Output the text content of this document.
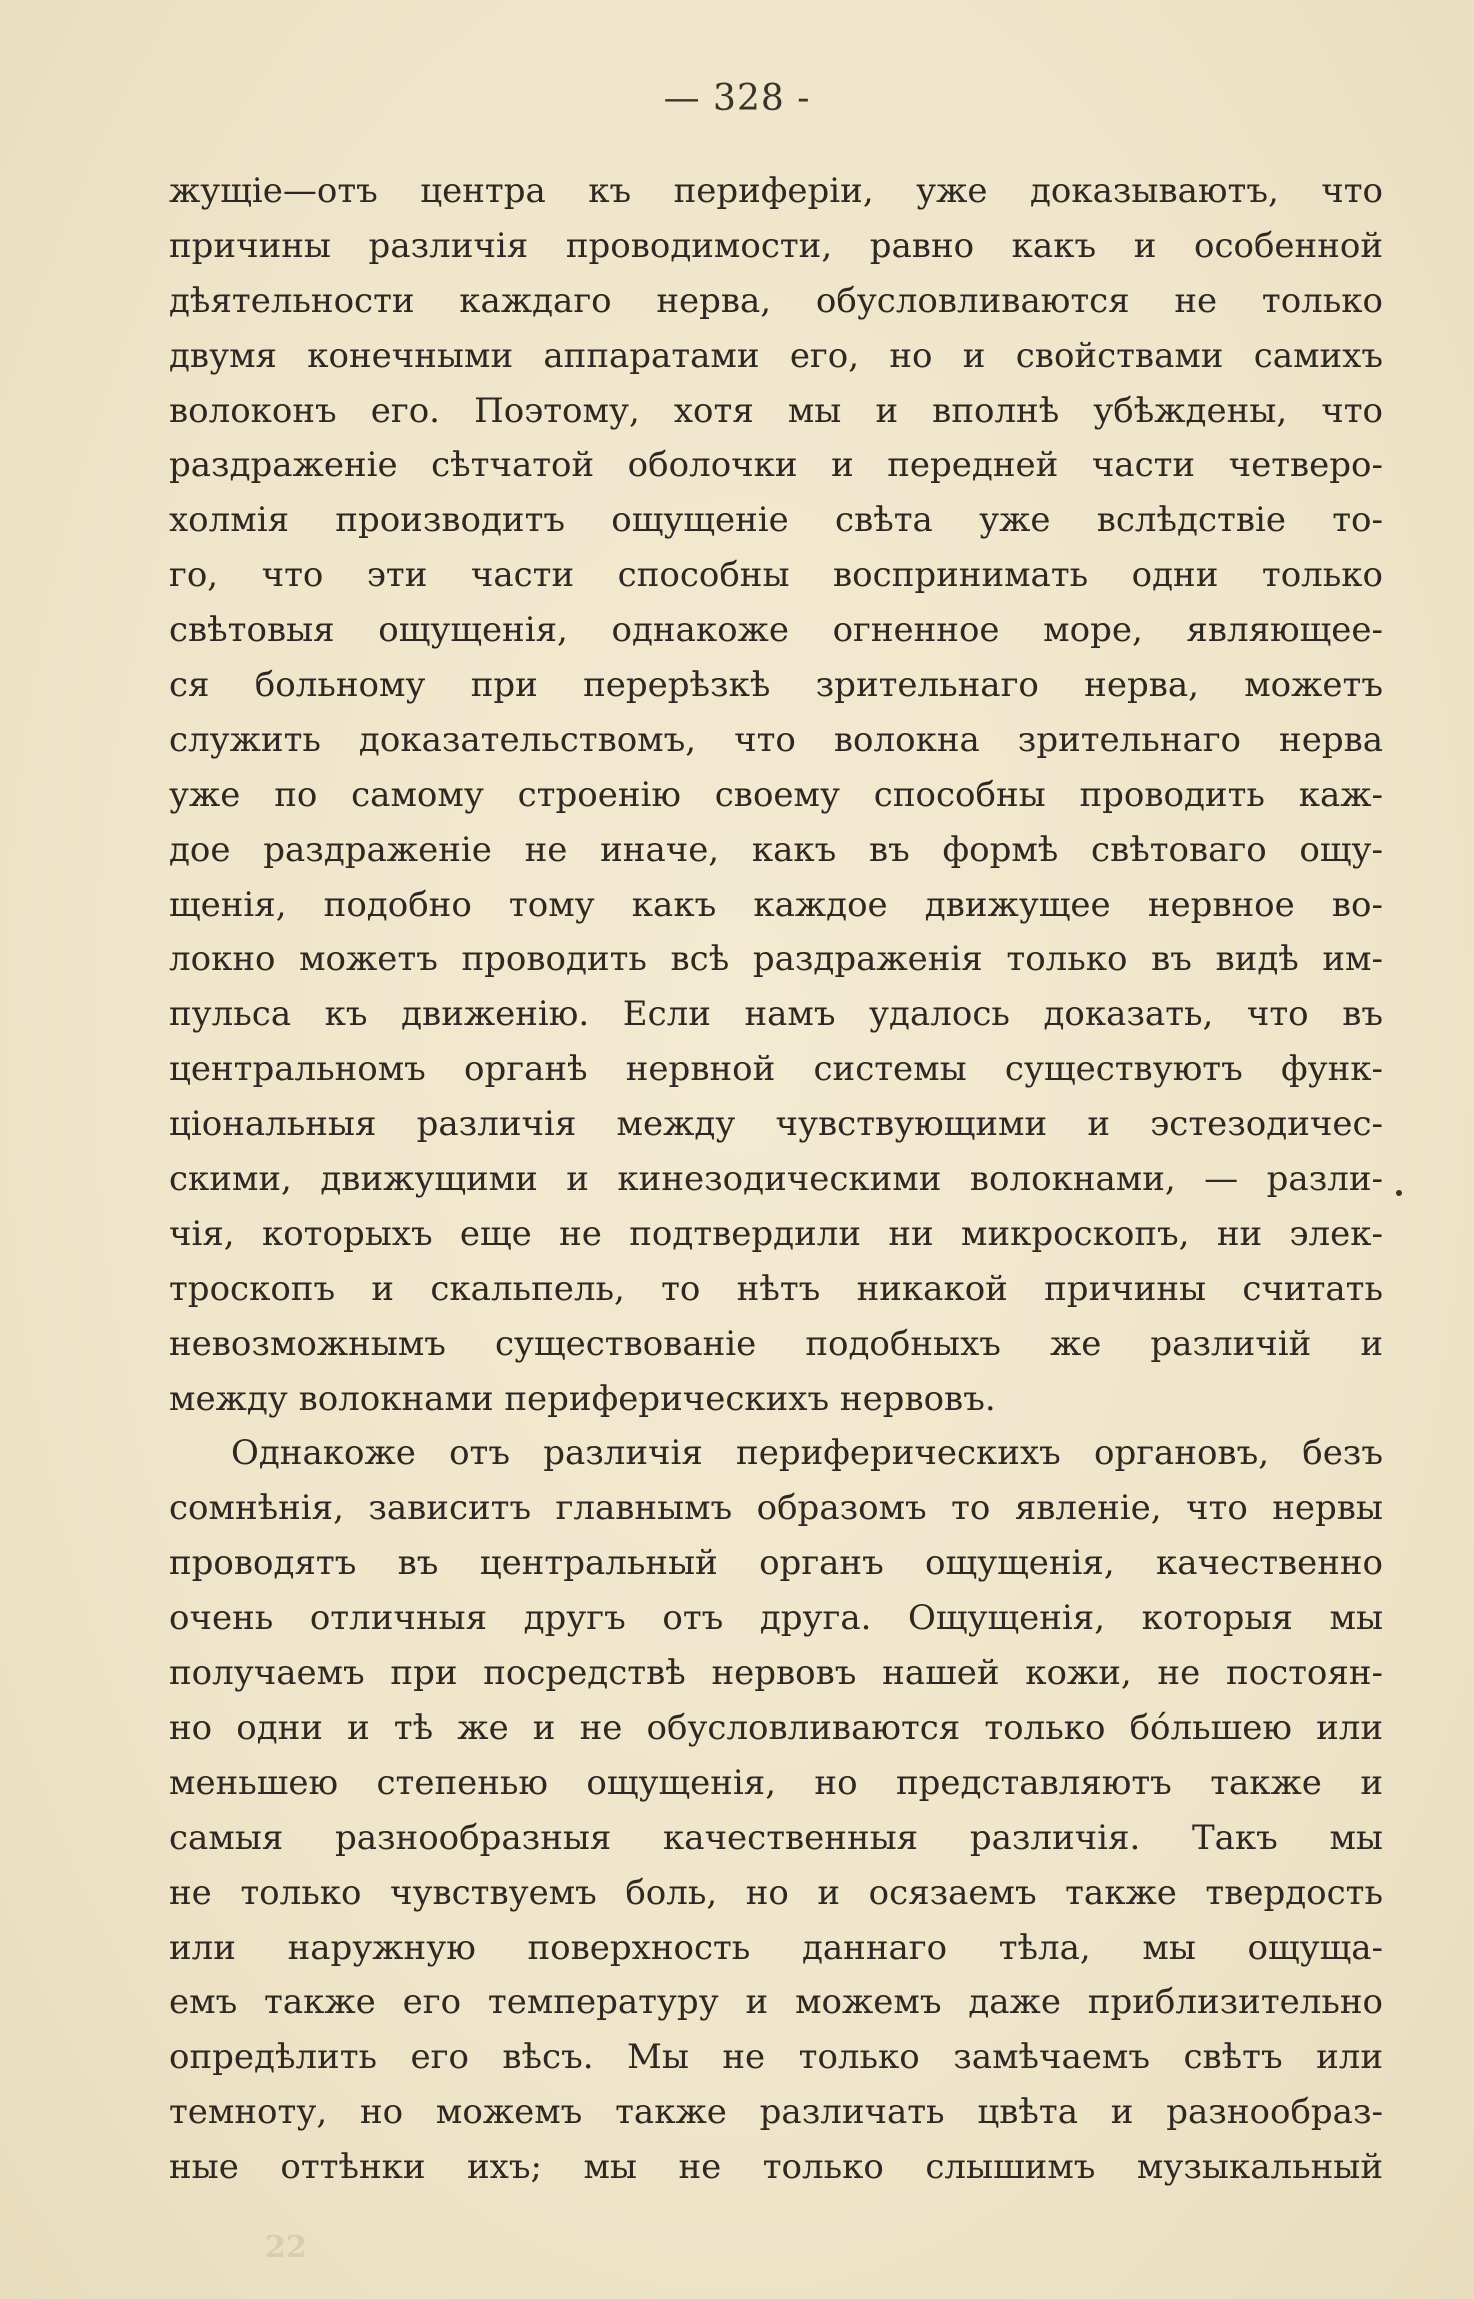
— 328 -
жущіе—отъ центра къ периферіи, уже доказываютъ, что
причины различія проводимости, равно какъ и особенной
дѣятельности каждаго нерва, обусловливаются не только
двумя конечными аппаратами его, но и свойствами самихъ
волоконъ его. Поэтому, хотя мы и вполнѣ убѣждены, что
раздраженіе сѣтчатой оболочки и передней части четверо-
холмія производитъ ощущеніе свѣта уже вслѣдствіе то-
го, что эти части способны воспринимать одни только
свѣтовыя ощущенія, однакоже огненное море, являющее-
ся больному при перерѣзкѣ зрительнаго нерва, можетъ
служить доказательствомъ, что волокна зрительнаго нерва
уже по самому строенію своему способны проводить каж-
дое раздраженіе не иначе, какъ въ формѣ свѣтоваго ощу-
щенія, подобно тому какъ каждое движущее нервное во-
локно можетъ проводить всѣ раздраженія только въ видѣ им-
пульса къ движенію. Если намъ удалось доказать, что въ
центральномъ органѣ нервной системы существуютъ функ-
ціональныя различія между чувствующими и эстезодичес-
скими, движущими и кинезодическими волокнами, — разли-
чія, которыхъ еще не подтвердили ни микроскопъ, ни элек-
троскопъ и скальпель, то нѣтъ никакой причины считать
невозможнымъ существованіе подобныхъ же различій и
между волокнами периферическихъ нервовъ.
Однакоже отъ различія периферическихъ органовъ, безъ
сомнѣнія, зависитъ главнымъ образомъ то явленіе, что нервы
проводятъ въ центральный органъ ощущенія, качественно
очень отличныя другъ отъ друга. Ощущенія, которыя мы
получаемъ при посредствѣ нервовъ нашей кожи, не постоян-
но одни и тѣ же и не обусловливаются только бо́льшею или
меньшею степенью ощущенія, но представляютъ также и
самыя разнообразныя качественныя различія. Такъ мы
не только чувствуемъ боль, но и осязаемъ также твердость
или наружную поверхность даннаго тѣла, мы ощуща-
емъ также его температуру и можемъ даже приблизительно
опредѣлить его вѣсъ. Мы не только замѣчаемъ свѣтъ или
темноту, но можемъ также различать цвѣта и разнообраз-
ные оттѣнки ихъ; мы не только слышимъ музыкальный
22
